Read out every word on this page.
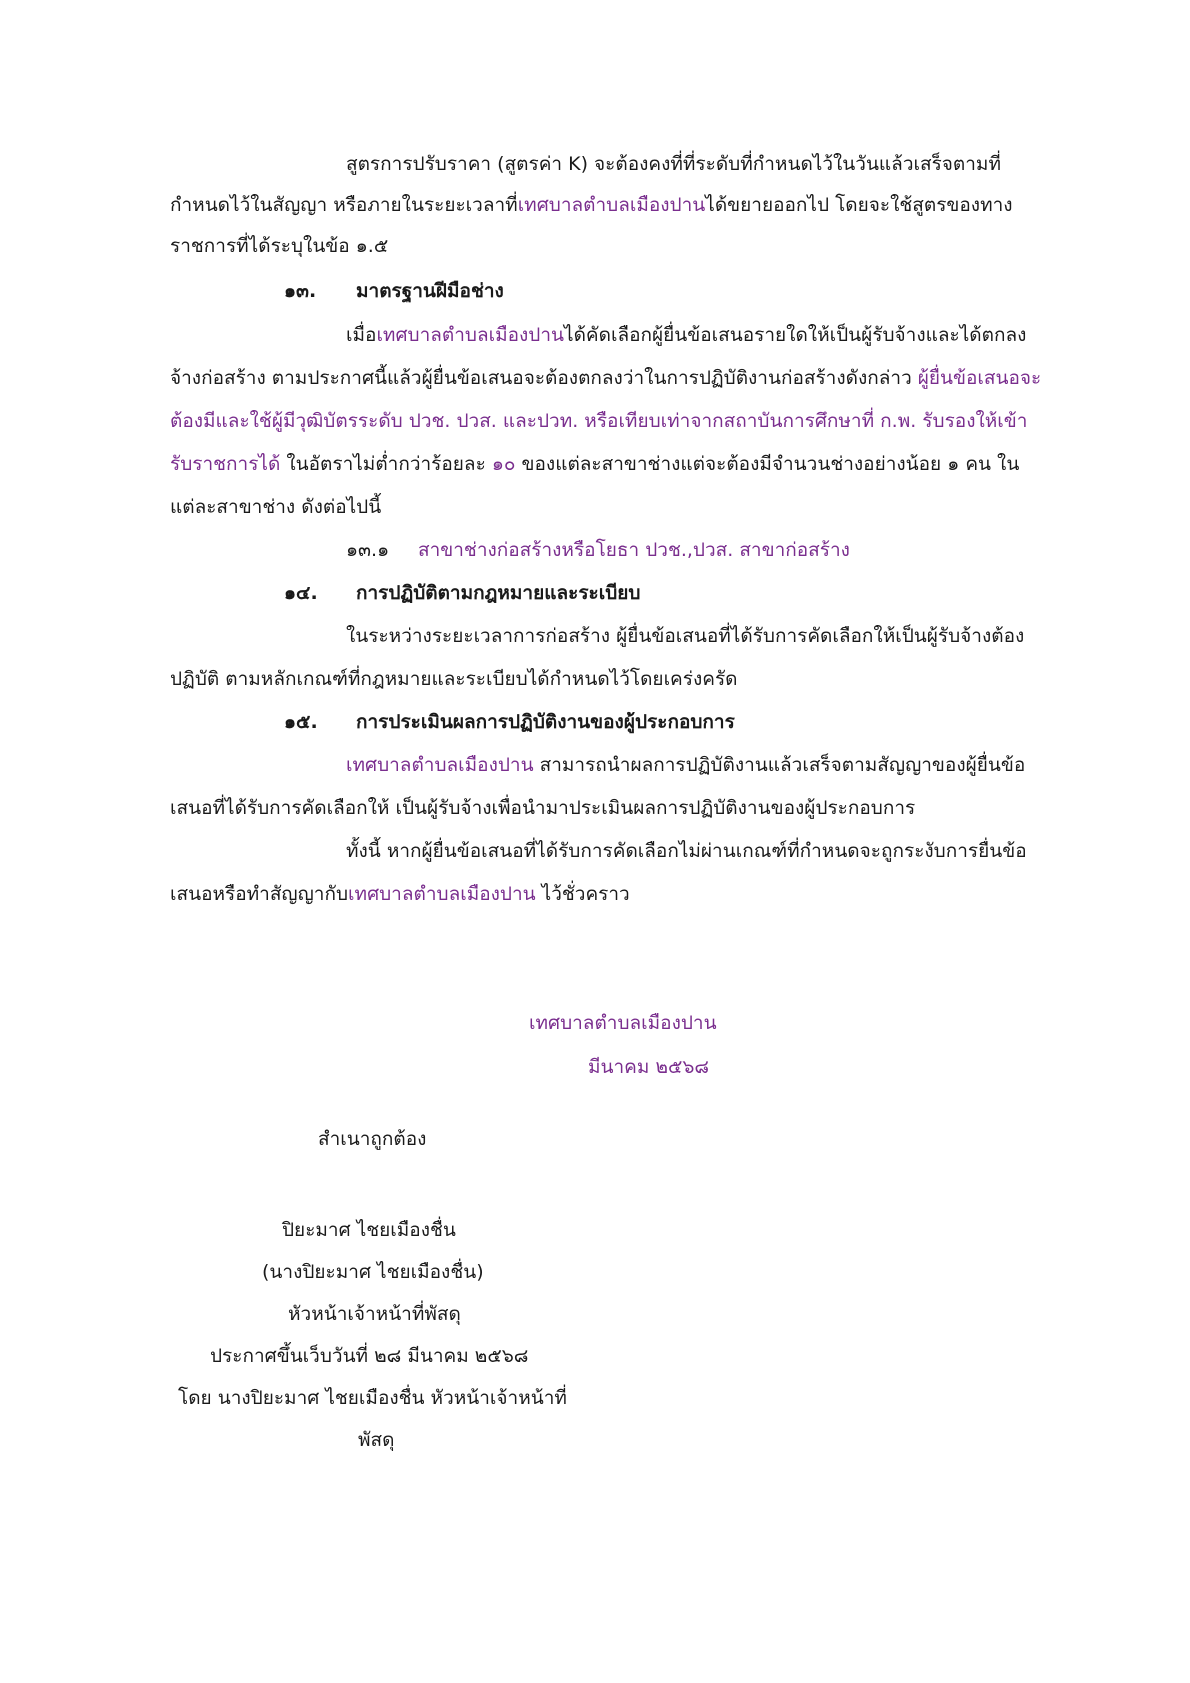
สูตรการปรับราคา (สูตรค่า K) จะต้องคงที่ที่ระดับที่กำหนดไว้ในวันแล้วเสร็จตามที่
กำหนดไว้ในสัญญา หรือภายในระยะเวลาที่เทศบาลตำบลเมืองปานได้ขยายออกไป โดยจะใช้สูตรของทาง
ราชการที่ได้ระบุในข้อ ๑.๕
๑๓. มาตรฐานฝีมือช่าง
เมื่อเทศบาลตำบลเมืองปานได้คัดเลือกผู้ยื่นข้อเสนอรายใดให้เป็นผู้รับจ้างและได้ตกลง
จ้างก่อสร้าง ตามประกาศนี้แล้วผู้ยื่นข้อเสนอจะต้องตกลงว่าในการปฏิบัติงานก่อสร้างดังกล่าว ผู้ยื่นข้อเสนอจะ
ต้องมีและใช้ผู้มีวุฒิบัตรระดับ ปวช. ปวส. และปวท. หรือเทียบเท่าจากสถาบันการศึกษาที่ ก.พ. รับรองให้เข้า
รับราชการได้ ในอัตราไม่ต่ำกว่าร้อยละ ๑๐ ของแต่ละสาขาช่างแต่จะต้องมีจำนวนช่างอย่างน้อย ๑ คน ใน
แต่ละสาขาช่าง ดังต่อไปนี้
๑๓.๑ สาขาช่างก่อสร้างหรือโยธา ปวช.,ปวส. สาขาก่อสร้าง
๑๔. การปฏิบัติตามกฎหมายและระเบียบ
ในระหว่างระยะเวลาการก่อสร้าง ผู้ยื่นข้อเสนอที่ได้รับการคัดเลือกให้เป็นผู้รับจ้างต้อง
ปฏิบัติ ตามหลักเกณฑ์ที่กฎหมายและระเบียบได้กำหนดไว้โดยเคร่งครัด
๑๕. การประเมินผลการปฏิบัติงานของผู้ประกอบการ
เทศบาลตำบลเมืองปาน สามารถนำผลการปฏิบัติงานแล้วเสร็จตามสัญญาของผู้ยื่นข้อ
เสนอที่ได้รับการคัดเลือกให้ เป็นผู้รับจ้างเพื่อนำมาประเมินผลการปฏิบัติงานของผู้ประกอบการ
ทั้งนี้ หากผู้ยื่นข้อเสนอที่ได้รับการคัดเลือกไม่ผ่านเกณฑ์ที่กำหนดจะถูกระงับการยื่นข้อ
เสนอหรือทำสัญญากับเทศบาลตำบลเมืองปาน ไว้ชั่วคราว
เทศบาลตำบลเมืองปาน
มีนาคม ๒๕๖๘
สำเนาถูกต้อง
ปิยะมาศ ไชยเมืองชื่น
(นางปิยะมาศ ไชยเมืองชื่น)
หัวหน้าเจ้าหน้าที่พัสดุ
ประกาศขึ้นเว็บวันที่ ๒๘ มีนาคม ๒๕๖๘
โดย นางปิยะมาศ ไชยเมืองชื่น หัวหน้าเจ้าหน้าที่
พัสดุ
